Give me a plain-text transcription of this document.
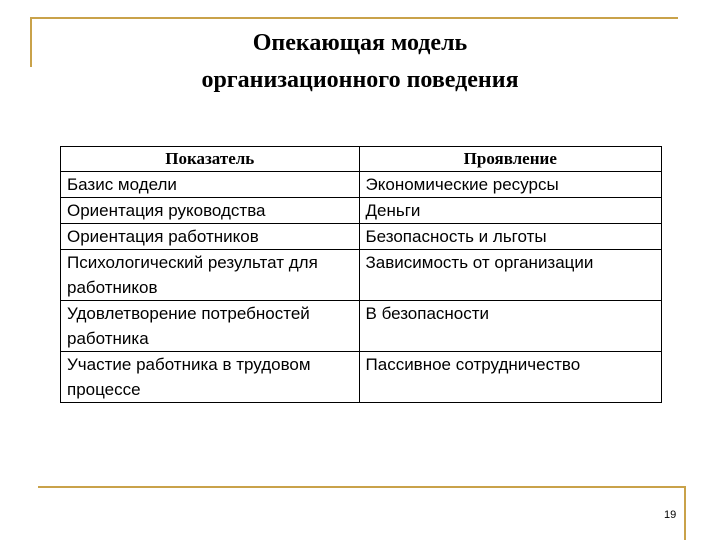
Опекающая модель
организационного поведения
Показатель	Проявление
Базис модели	Экономические ресурсы
Ориентация руководства	Деньги
Ориентация работников	Безопасность и льготы
Психологический результат для работников	Зависимость от организации
Удовлетворение потребностей работника	В безопасности
Участие работника в трудовом процессе	Пассивное сотрудничество
19
